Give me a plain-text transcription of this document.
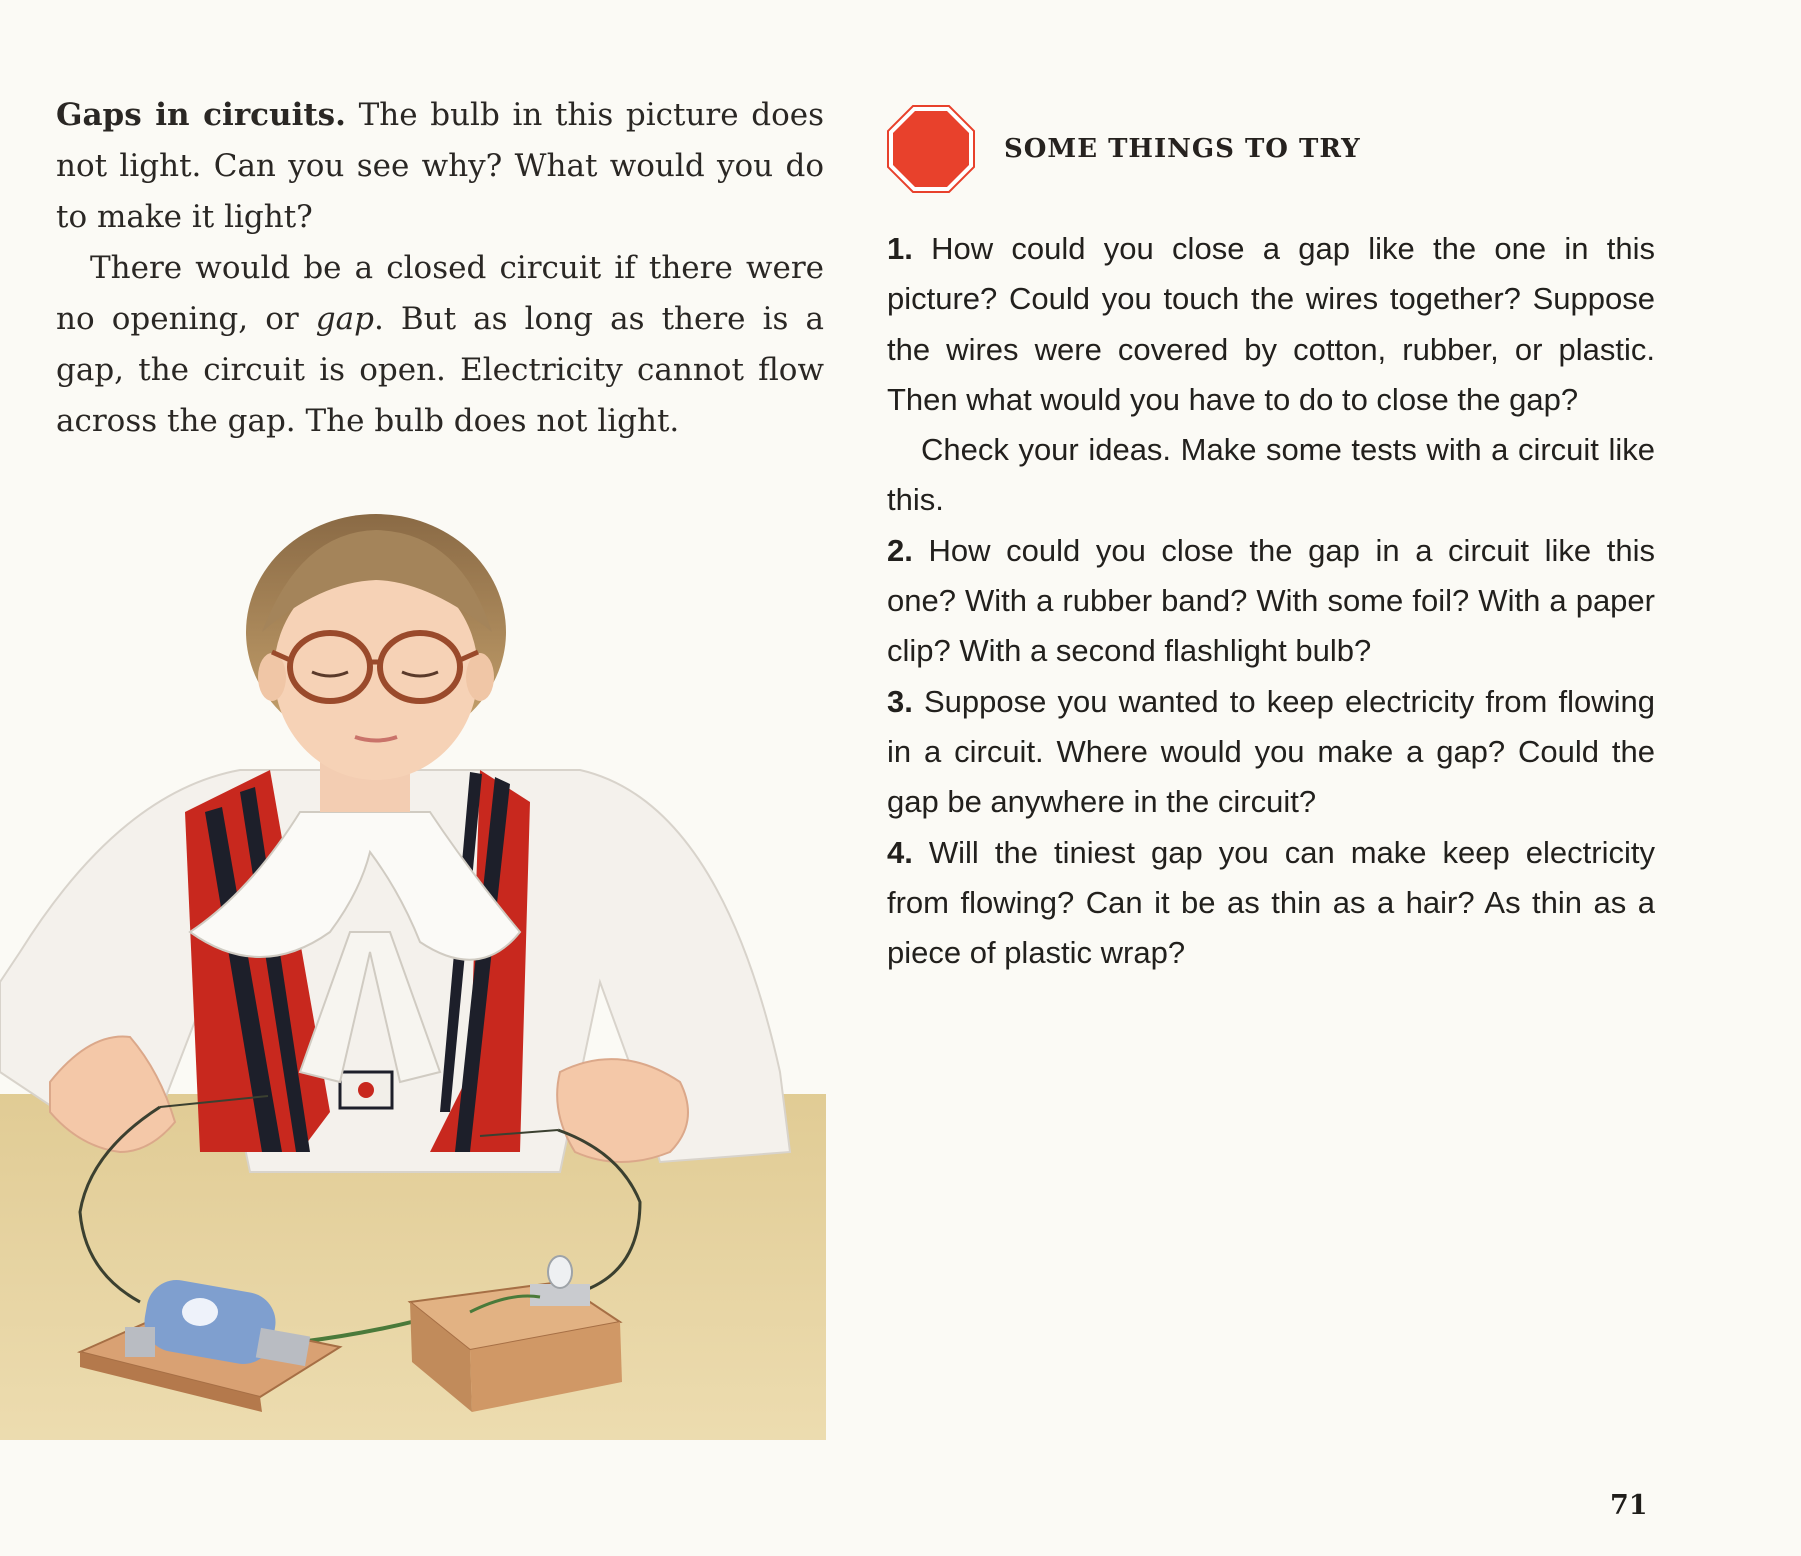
Gaps in circuits. The bulb in this picture does not light. Can you see why? What would you do to make it light?

There would be a closed circuit if there were no opening, or gap. But as long as there is a gap, the circuit is open. Electricity cannot flow across the gap. The bulb does not light.

SOME THINGS TO TRY

1. How could you close a gap like the one in this picture? Could you touch the wires together? Suppose the wires were covered by cotton, rubber, or plastic. Then what would you have to do to close the gap?

Check your ideas. Make some tests with a circuit like this.

2. How could you close the gap in a circuit like this one? With a rubber band? With some foil? With a paper clip? With a second flashlight bulb?

3. Suppose you wanted to keep electricity from flowing in a circuit. Where would you make a gap? Could the gap be anywhere in the circuit?

4. Will the tiniest gap you can make keep electricity from flowing? Can it be as thin as a hair? As thin as a piece of plastic wrap?

71
